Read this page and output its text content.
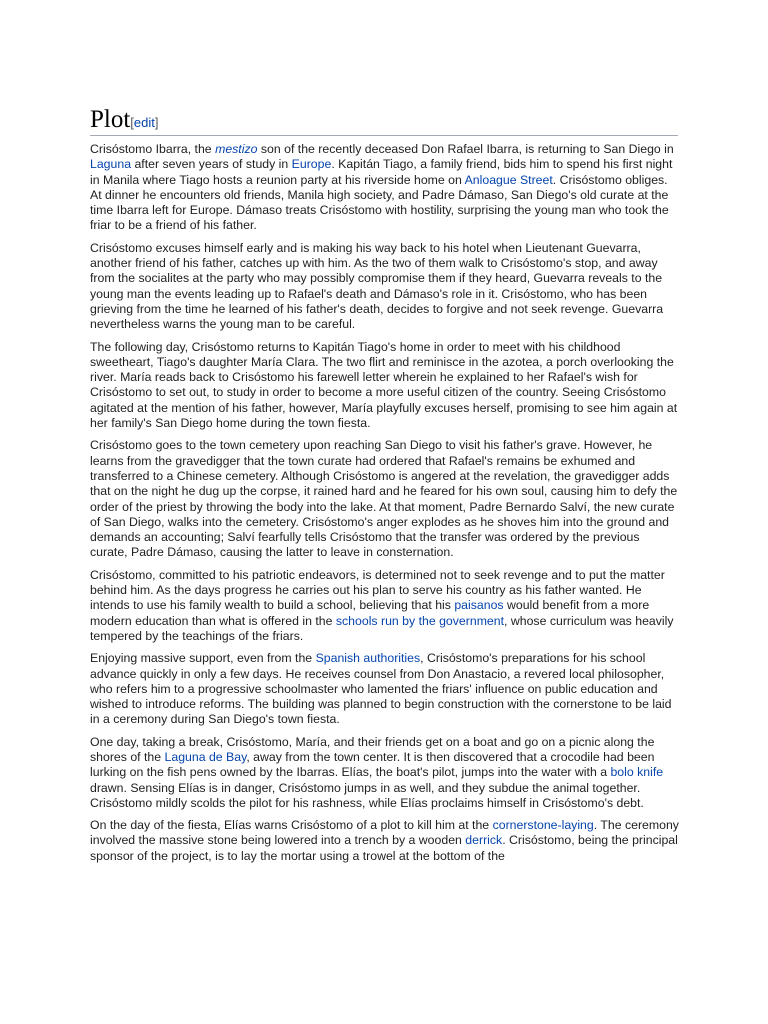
Plot[edit]

Crisóstomo Ibarra, the mestizo son of the recently deceased Don Rafael Ibarra, is returning to San Diego in Laguna after seven years of study in Europe. Kapitán Tiago, a family friend, bids him to spend his first night in Manila where Tiago hosts a reunion party at his riverside home on Anloague Street. Crisóstomo obliges. At dinner he encounters old friends, Manila high society, and Padre Dámaso, San Diego's old curate at the time Ibarra left for Europe. Dámaso treats Crisóstomo with hostility, surprising the young man who took the friar to be a friend of his father.

Crisóstomo excuses himself early and is making his way back to his hotel when Lieutenant Guevarra, another friend of his father, catches up with him. As the two of them walk to Crisóstomo's stop, and away from the socialites at the party who may possibly compromise them if they heard, Guevarra reveals to the young man the events leading up to Rafael's death and Dámaso's role in it. Crisóstomo, who has been grieving from the time he learned of his father's death, decides to forgive and not seek revenge. Guevarra nevertheless warns the young man to be careful.

The following day, Crisóstomo returns to Kapitán Tiago's home in order to meet with his childhood sweetheart, Tiago's daughter María Clara. The two flirt and reminisce in the azotea, a porch overlooking the river. María reads back to Crisóstomo his farewell letter wherein he explained to her Rafael's wish for Crisóstomo to set out, to study in order to become a more useful citizen of the country. Seeing Crisóstomo agitated at the mention of his father, however, María playfully excuses herself, promising to see him again at her family's San Diego home during the town fiesta.

Crisóstomo goes to the town cemetery upon reaching San Diego to visit his father's grave. However, he learns from the gravedigger that the town curate had ordered that Rafael's remains be exhumed and transferred to a Chinese cemetery. Although Crisóstomo is angered at the revelation, the gravedigger adds that on the night he dug up the corpse, it rained hard and he feared for his own soul, causing him to defy the order of the priest by throwing the body into the lake. At that moment, Padre Bernardo Salví, the new curate of San Diego, walks into the cemetery. Crisóstomo's anger explodes as he shoves him into the ground and demands an accounting; Salví fearfully tells Crisóstomo that the transfer was ordered by the previous curate, Padre Dámaso, causing the latter to leave in consternation.

Crisóstomo, committed to his patriotic endeavors, is determined not to seek revenge and to put the matter behind him. As the days progress he carries out his plan to serve his country as his father wanted. He intends to use his family wealth to build a school, believing that his paisanos would benefit from a more modern education than what is offered in the schools run by the government, whose curriculum was heavily tempered by the teachings of the friars.

Enjoying massive support, even from the Spanish authorities, Crisóstomo's preparations for his school advance quickly in only a few days. He receives counsel from Don Anastacio, a revered local philosopher, who refers him to a progressive schoolmaster who lamented the friars' influence on public education and wished to introduce reforms. The building was planned to begin construction with the cornerstone to be laid in a ceremony during San Diego's town fiesta.

One day, taking a break, Crisóstomo, María, and their friends get on a boat and go on a picnic along the shores of the Laguna de Bay, away from the town center. It is then discovered that a crocodile had been lurking on the fish pens owned by the Ibarras. Elías, the boat's pilot, jumps into the water with a bolo knife drawn. Sensing Elías is in danger, Crisóstomo jumps in as well, and they subdue the animal together. Crisóstomo mildly scolds the pilot for his rashness, while Elías proclaims himself in Crisóstomo's debt.

On the day of the fiesta, Elías warns Crisóstomo of a plot to kill him at the cornerstone-laying. The ceremony involved the massive stone being lowered into a trench by a wooden derrick. Crisóstomo, being the principal sponsor of the project, is to lay the mortar using a trowel at the bottom of the
